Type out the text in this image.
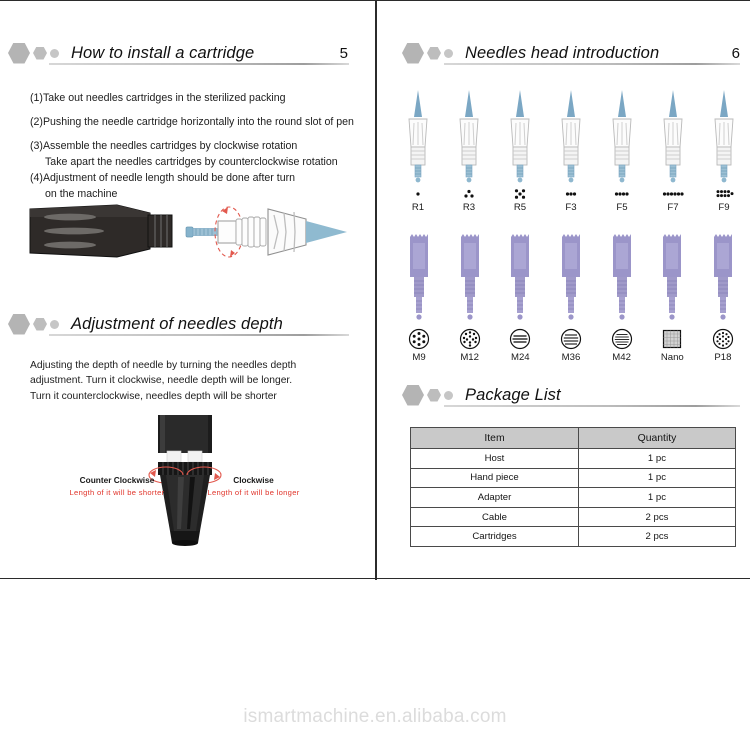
How to install a cartridge	5
(1)Take out needles cartridges in the sterilized packing
(2)Pushing the needle cartridge horizontally into the round slot of pen
(3)Assemble the needles cartridges by clockwise rotation
Take apart the needles cartridges by counterclockwise rotation
(4)Adjustment of needle length should be done after turn
on the machine
Adjustment of needles depth
Adjusting the depth of needle by turning the needles depth
adjustment. Turn it clockwise, needle depth will be longer.
Turn it counterclockwise, needles depth will be shorter
Counter Clockwise
Length of it will be shorter
Clockwise
Length of it will be longer
Needles head introduction	6
R1	R3	R5	F3	F5	F7	F9
M9	M12	M24	M36	M42	Nano	P18
Package List
Item	Quantity
Host	1 pc
Hand piece	1 pc
Adapter	1 pc
Cable	2 pcs
Cartridges	2 pcs
ismartmachine.en.alibaba.com
